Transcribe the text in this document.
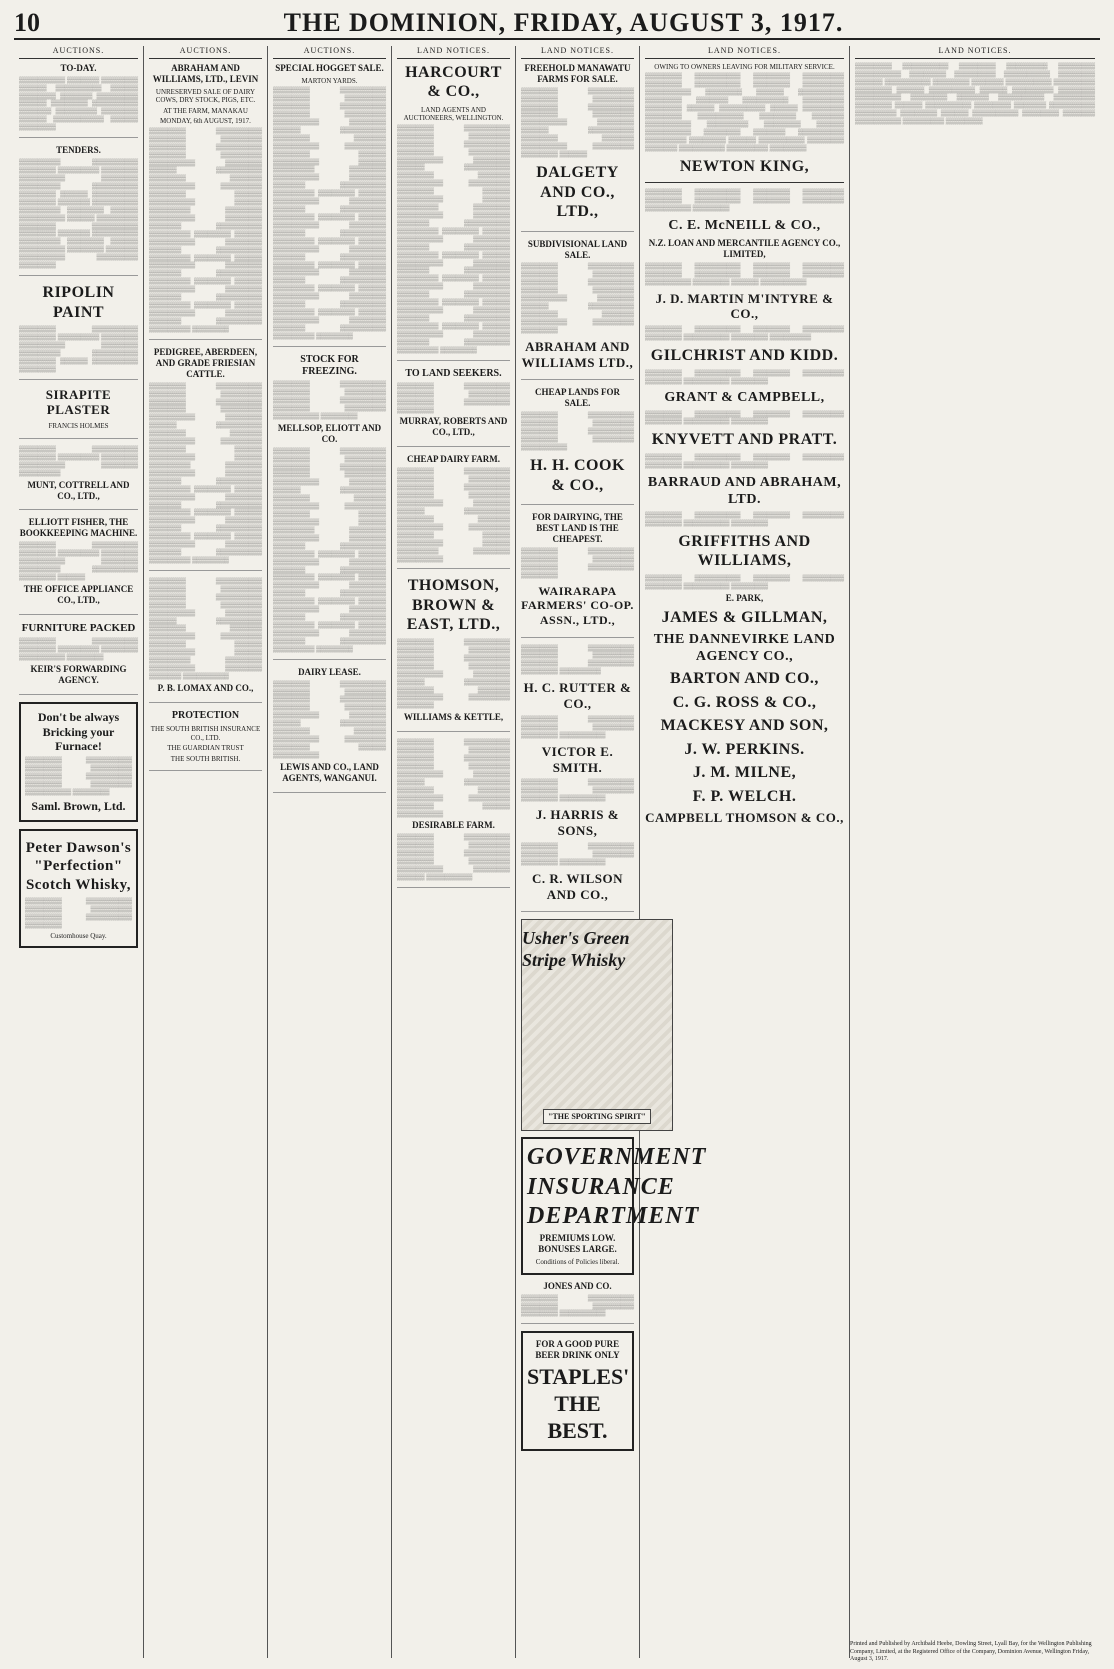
10	THE DOMINION, FRIDAY, AUGUST 3, 1917.
AUCTIONS.
TO-DAY.
▒▒▒▒▒▒▒▒▒▒ ▒▒▒▒▒▒▒ ▒▒▒▒▒▒▒▒ ▒▒▒▒▒▒ ▒▒▒▒▒▒▒▒▒▒ ▒▒▒▒▒▒ ▒▒▒▒▒▒▒▒ ▒▒▒▒▒▒▒ ▒▒▒▒▒▒▒▒▒ ▒▒▒▒▒▒ ▒▒▒▒▒▒▒▒ ▒▒▒▒▒▒▒▒▒▒ ▒▒▒▒▒▒▒ ▒▒▒▒▒▒▒▒▒ ▒▒▒▒▒▒▒▒ ▒▒▒▒▒▒ ▒▒▒▒▒▒▒▒▒▒▒ ▒▒▒▒▒▒ ▒▒▒▒▒▒▒▒
TENDERS.
▒▒▒▒▒▒▒▒▒ ▒▒▒▒▒▒▒▒▒▒ ▒▒▒▒▒▒▒▒ ▒▒▒▒▒▒▒▒▒ ▒▒▒▒▒▒▒▒ ▒▒▒▒▒▒▒▒▒▒ ▒▒▒▒▒▒▒▒ ▒▒▒▒▒▒▒▒▒ ▒▒▒▒▒▒▒▒▒▒ ▒▒▒▒▒▒▒▒ ▒▒▒▒▒▒ ▒▒▒▒▒▒▒▒▒▒ ▒▒▒▒▒▒▒▒ ▒▒▒▒▒▒▒ ▒▒▒▒▒▒▒▒▒▒ ▒▒▒▒▒▒▒▒▒ ▒▒▒▒▒▒▒▒ ▒▒▒▒▒▒ ▒▒▒▒▒▒▒▒▒▒ ▒▒▒▒▒▒ ▒▒▒▒▒▒▒▒▒ ▒▒▒▒▒▒▒▒ ▒▒▒▒▒▒▒▒▒▒ ▒▒▒▒▒▒▒▒ ▒▒▒▒▒▒▒ ▒▒▒▒▒▒▒▒▒▒ ▒▒▒▒▒▒▒▒▒ ▒▒▒▒▒▒▒▒ ▒▒▒▒▒▒ ▒▒▒▒▒▒▒▒▒▒ ▒▒▒▒▒▒▒▒ ▒▒▒▒▒▒▒ ▒▒▒▒▒▒▒▒▒▒ ▒▒▒▒▒▒▒▒▒ ▒▒▒▒▒▒▒▒
RIPOLIN PAINT
▒▒▒▒▒▒▒▒ ▒▒▒▒▒▒▒▒▒▒ ▒▒▒▒▒▒▒▒ ▒▒▒▒▒▒▒▒▒ ▒▒▒▒▒▒▒▒ ▒▒▒▒▒▒▒▒▒▒ ▒▒▒▒▒▒▒▒ ▒▒▒▒▒▒▒▒▒ ▒▒▒▒▒▒▒▒▒▒ ▒▒▒▒▒▒▒▒ ▒▒▒▒▒▒ ▒▒▒▒▒▒▒▒▒▒ ▒▒▒▒▒▒▒▒
SIRAPITE PLASTER
FRANCIS HOLMES
▒▒▒▒▒▒▒▒ ▒▒▒▒▒▒▒▒▒▒ ▒▒▒▒▒▒▒▒ ▒▒▒▒▒▒▒▒▒ ▒▒▒▒▒▒▒▒ ▒▒▒▒▒▒▒▒▒▒ ▒▒▒▒▒▒▒▒ ▒▒▒▒▒▒▒▒▒
MUNT, COTTRELL AND CO., LTD.,
ELLIOTT FISHER, THE BOOKKEEPING MACHINE.
▒▒▒▒▒▒▒▒ ▒▒▒▒▒▒▒▒▒▒ ▒▒▒▒▒▒▒▒ ▒▒▒▒▒▒▒▒▒ ▒▒▒▒▒▒▒▒ ▒▒▒▒▒▒▒▒▒▒ ▒▒▒▒▒▒▒▒ ▒▒▒▒▒▒▒▒▒ ▒▒▒▒▒▒▒▒▒▒ ▒▒▒▒▒▒▒▒ ▒▒▒▒▒▒
THE OFFICE APPLIANCE CO., LTD.,
FURNITURE PACKED
▒▒▒▒▒▒▒▒ ▒▒▒▒▒▒▒▒▒▒ ▒▒▒▒▒▒▒▒ ▒▒▒▒▒▒▒▒▒ ▒▒▒▒▒▒▒▒ ▒▒▒▒▒▒▒▒▒▒ ▒▒▒▒▒▒▒▒
KEIR'S FORWARDING AGENCY.
Don't be always Bricking your Furnace!
▒▒▒▒▒▒▒▒ ▒▒▒▒▒▒▒▒▒▒ ▒▒▒▒▒▒▒▒ ▒▒▒▒▒▒▒▒▒ ▒▒▒▒▒▒▒▒ ▒▒▒▒▒▒▒▒▒▒ ▒▒▒▒▒▒▒▒ ▒▒▒▒▒▒▒▒▒ ▒▒▒▒▒▒▒▒▒▒ ▒▒▒▒▒▒▒▒
Saml. Brown, Ltd.
Peter Dawson's "Perfection" Scotch Whisky,
▒▒▒▒▒▒▒▒ ▒▒▒▒▒▒▒▒▒▒ ▒▒▒▒▒▒▒▒ ▒▒▒▒▒▒▒▒▒ ▒▒▒▒▒▒▒▒ ▒▒▒▒▒▒▒▒▒▒ ▒▒▒▒▒▒▒▒
Customhouse Quay.
AUCTIONS.
ABRAHAM AND WILLIAMS, LTD., LEVIN
UNRESERVED SALE OF DAIRY COWS, DRY STOCK, PIGS, ETC.
AT THE FARM, MANAKAU
MONDAY, 6th AUGUST, 1917.
▒▒▒▒▒▒▒▒ ▒▒▒▒▒▒▒▒▒▒ ▒▒▒▒▒▒▒▒ ▒▒▒▒▒▒▒▒▒ ▒▒▒▒▒▒▒▒ ▒▒▒▒▒▒▒▒▒▒ ▒▒▒▒▒▒▒▒ ▒▒▒▒▒▒▒▒▒ ▒▒▒▒▒▒▒▒▒▒ ▒▒▒▒▒▒▒▒ ▒▒▒▒▒▒ ▒▒▒▒▒▒▒▒▒▒ ▒▒▒▒▒▒▒▒ ▒▒▒▒▒▒▒ ▒▒▒▒▒▒▒▒▒▒ ▒▒▒▒▒▒▒▒▒ ▒▒▒▒▒▒▒▒ ▒▒▒▒▒▒ ▒▒▒▒▒▒▒▒▒▒ ▒▒▒▒▒▒ ▒▒▒▒▒▒▒▒▒ ▒▒▒▒▒▒▒▒ ▒▒▒▒▒▒▒▒▒▒ ▒▒▒▒▒▒▒▒ ▒▒▒▒▒▒▒ ▒▒▒▒▒▒▒▒▒▒ ▒▒▒▒▒▒▒▒▒ ▒▒▒▒▒▒▒▒ ▒▒▒▒▒▒ ▒▒▒▒▒▒▒▒▒▒ ▒▒▒▒▒▒▒▒ ▒▒▒▒▒▒▒ ▒▒▒▒▒▒▒▒▒▒ ▒▒▒▒▒▒▒▒▒ ▒▒▒▒▒▒▒▒ ▒▒▒▒▒▒ ▒▒▒▒▒▒▒▒▒▒ ▒▒▒▒▒▒▒▒ ▒▒▒▒▒▒▒ ▒▒▒▒▒▒▒▒▒▒ ▒▒▒▒▒▒▒▒▒ ▒▒▒▒▒▒▒▒ ▒▒▒▒▒▒ ▒▒▒▒▒▒▒▒▒▒ ▒▒▒▒▒▒▒▒ ▒▒▒▒▒▒▒ ▒▒▒▒▒▒▒▒▒▒ ▒▒▒▒▒▒▒▒▒ ▒▒▒▒▒▒▒▒ ▒▒▒▒▒▒ ▒▒▒▒▒▒▒▒▒▒ ▒▒▒▒▒▒▒▒ ▒▒▒▒▒▒▒ ▒▒▒▒▒▒▒▒▒▒ ▒▒▒▒▒▒▒▒▒ ▒▒▒▒▒▒▒▒
PEDIGREE, ABERDEEN, AND GRADE FRIESIAN CATTLE.
▒▒▒▒▒▒▒▒ ▒▒▒▒▒▒▒▒▒▒ ▒▒▒▒▒▒▒▒ ▒▒▒▒▒▒▒▒▒ ▒▒▒▒▒▒▒▒ ▒▒▒▒▒▒▒▒▒▒ ▒▒▒▒▒▒▒▒ ▒▒▒▒▒▒▒▒▒ ▒▒▒▒▒▒▒▒▒▒ ▒▒▒▒▒▒▒▒ ▒▒▒▒▒▒ ▒▒▒▒▒▒▒▒▒▒ ▒▒▒▒▒▒▒▒ ▒▒▒▒▒▒▒ ▒▒▒▒▒▒▒▒▒▒ ▒▒▒▒▒▒▒▒▒ ▒▒▒▒▒▒▒▒ ▒▒▒▒▒▒ ▒▒▒▒▒▒▒▒▒▒ ▒▒▒▒▒▒ ▒▒▒▒▒▒▒▒▒ ▒▒▒▒▒▒▒▒ ▒▒▒▒▒▒▒▒▒▒ ▒▒▒▒▒▒▒▒ ▒▒▒▒▒▒▒ ▒▒▒▒▒▒▒▒▒▒ ▒▒▒▒▒▒▒▒▒ ▒▒▒▒▒▒▒▒ ▒▒▒▒▒▒ ▒▒▒▒▒▒▒▒▒▒ ▒▒▒▒▒▒▒▒ ▒▒▒▒▒▒▒ ▒▒▒▒▒▒▒▒▒▒ ▒▒▒▒▒▒▒▒▒ ▒▒▒▒▒▒▒▒ ▒▒▒▒▒▒ ▒▒▒▒▒▒▒▒▒▒ ▒▒▒▒▒▒▒▒ ▒▒▒▒▒▒▒ ▒▒▒▒▒▒▒▒▒▒ ▒▒▒▒▒▒▒▒▒ ▒▒▒▒▒▒▒▒ ▒▒▒▒▒▒ ▒▒▒▒▒▒▒▒▒▒ ▒▒▒▒▒▒▒▒ ▒▒▒▒▒▒▒ ▒▒▒▒▒▒▒▒▒▒ ▒▒▒▒▒▒▒▒▒ ▒▒▒▒▒▒▒▒
▒▒▒▒▒▒▒▒ ▒▒▒▒▒▒▒▒▒▒ ▒▒▒▒▒▒▒▒ ▒▒▒▒▒▒▒▒▒ ▒▒▒▒▒▒▒▒ ▒▒▒▒▒▒▒▒▒▒ ▒▒▒▒▒▒▒▒ ▒▒▒▒▒▒▒▒▒ ▒▒▒▒▒▒▒▒▒▒ ▒▒▒▒▒▒▒▒ ▒▒▒▒▒▒ ▒▒▒▒▒▒▒▒▒▒ ▒▒▒▒▒▒▒▒ ▒▒▒▒▒▒▒ ▒▒▒▒▒▒▒▒▒▒ ▒▒▒▒▒▒▒▒▒ ▒▒▒▒▒▒▒▒ ▒▒▒▒▒▒ ▒▒▒▒▒▒▒▒▒▒ ▒▒▒▒▒▒ ▒▒▒▒▒▒▒▒▒ ▒▒▒▒▒▒▒▒ ▒▒▒▒▒▒▒▒▒▒ ▒▒▒▒▒▒▒▒ ▒▒▒▒▒▒▒ ▒▒▒▒▒▒▒▒▒▒
P. B. LOMAX AND CO.,
PROTECTION
THE SOUTH BRITISH INSURANCE CO., LTD.
THE GUARDIAN TRUST
THE SOUTH BRITISH.
AUCTIONS.
SPECIAL HOGGET SALE.
MARTON YARDS.
▒▒▒▒▒▒▒▒ ▒▒▒▒▒▒▒▒▒▒ ▒▒▒▒▒▒▒▒ ▒▒▒▒▒▒▒▒▒ ▒▒▒▒▒▒▒▒ ▒▒▒▒▒▒▒▒▒▒ ▒▒▒▒▒▒▒▒ ▒▒▒▒▒▒▒▒▒ ▒▒▒▒▒▒▒▒▒▒ ▒▒▒▒▒▒▒▒ ▒▒▒▒▒▒ ▒▒▒▒▒▒▒▒▒▒ ▒▒▒▒▒▒▒▒ ▒▒▒▒▒▒▒ ▒▒▒▒▒▒▒▒▒▒ ▒▒▒▒▒▒▒▒▒ ▒▒▒▒▒▒▒▒ ▒▒▒▒▒▒ ▒▒▒▒▒▒▒▒▒▒ ▒▒▒▒▒▒ ▒▒▒▒▒▒▒▒▒ ▒▒▒▒▒▒▒▒ ▒▒▒▒▒▒▒▒▒▒ ▒▒▒▒▒▒▒▒ ▒▒▒▒▒▒▒ ▒▒▒▒▒▒▒▒▒▒ ▒▒▒▒▒▒▒▒▒ ▒▒▒▒▒▒▒▒ ▒▒▒▒▒▒ ▒▒▒▒▒▒▒▒▒▒ ▒▒▒▒▒▒▒▒ ▒▒▒▒▒▒▒ ▒▒▒▒▒▒▒▒▒▒ ▒▒▒▒▒▒▒▒▒ ▒▒▒▒▒▒▒▒ ▒▒▒▒▒▒ ▒▒▒▒▒▒▒▒▒▒ ▒▒▒▒▒▒▒▒ ▒▒▒▒▒▒▒ ▒▒▒▒▒▒▒▒▒▒ ▒▒▒▒▒▒▒▒▒ ▒▒▒▒▒▒▒▒ ▒▒▒▒▒▒ ▒▒▒▒▒▒▒▒▒▒ ▒▒▒▒▒▒▒▒ ▒▒▒▒▒▒▒ ▒▒▒▒▒▒▒▒▒▒ ▒▒▒▒▒▒▒▒▒ ▒▒▒▒▒▒▒▒ ▒▒▒▒▒▒ ▒▒▒▒▒▒▒▒▒▒ ▒▒▒▒▒▒▒▒ ▒▒▒▒▒▒▒ ▒▒▒▒▒▒▒▒▒▒ ▒▒▒▒▒▒▒▒▒ ▒▒▒▒▒▒▒▒ ▒▒▒▒▒▒ ▒▒▒▒▒▒▒▒▒▒ ▒▒▒▒▒▒▒▒ ▒▒▒▒▒▒▒ ▒▒▒▒▒▒▒▒▒▒ ▒▒▒▒▒▒▒▒▒ ▒▒▒▒▒▒▒▒ ▒▒▒▒▒▒ ▒▒▒▒▒▒▒▒▒▒ ▒▒▒▒▒▒▒▒ ▒▒▒▒▒▒▒ ▒▒▒▒▒▒▒▒▒▒ ▒▒▒▒▒▒▒▒▒ ▒▒▒▒▒▒▒▒
STOCK FOR FREEZING.
▒▒▒▒▒▒▒▒ ▒▒▒▒▒▒▒▒▒▒ ▒▒▒▒▒▒▒▒ ▒▒▒▒▒▒▒▒▒ ▒▒▒▒▒▒▒▒ ▒▒▒▒▒▒▒▒▒▒ ▒▒▒▒▒▒▒▒ ▒▒▒▒▒▒▒▒▒ ▒▒▒▒▒▒▒▒▒▒ ▒▒▒▒▒▒▒▒
MELLSOP, ELIOTT AND CO.
▒▒▒▒▒▒▒▒ ▒▒▒▒▒▒▒▒▒▒ ▒▒▒▒▒▒▒▒ ▒▒▒▒▒▒▒▒▒ ▒▒▒▒▒▒▒▒ ▒▒▒▒▒▒▒▒▒▒ ▒▒▒▒▒▒▒▒ ▒▒▒▒▒▒▒▒▒ ▒▒▒▒▒▒▒▒▒▒ ▒▒▒▒▒▒▒▒ ▒▒▒▒▒▒ ▒▒▒▒▒▒▒▒▒▒ ▒▒▒▒▒▒▒▒ ▒▒▒▒▒▒▒ ▒▒▒▒▒▒▒▒▒▒ ▒▒▒▒▒▒▒▒▒ ▒▒▒▒▒▒▒▒ ▒▒▒▒▒▒ ▒▒▒▒▒▒▒▒▒▒ ▒▒▒▒▒▒ ▒▒▒▒▒▒▒▒▒ ▒▒▒▒▒▒▒▒ ▒▒▒▒▒▒▒▒▒▒ ▒▒▒▒▒▒▒▒ ▒▒▒▒▒▒▒ ▒▒▒▒▒▒▒▒▒▒ ▒▒▒▒▒▒▒▒▒ ▒▒▒▒▒▒▒▒ ▒▒▒▒▒▒ ▒▒▒▒▒▒▒▒▒▒ ▒▒▒▒▒▒▒▒ ▒▒▒▒▒▒▒ ▒▒▒▒▒▒▒▒▒▒ ▒▒▒▒▒▒▒▒▒ ▒▒▒▒▒▒▒▒ ▒▒▒▒▒▒ ▒▒▒▒▒▒▒▒▒▒ ▒▒▒▒▒▒▒▒ ▒▒▒▒▒▒▒ ▒▒▒▒▒▒▒▒▒▒ ▒▒▒▒▒▒▒▒▒ ▒▒▒▒▒▒▒▒ ▒▒▒▒▒▒ ▒▒▒▒▒▒▒▒▒▒ ▒▒▒▒▒▒▒▒ ▒▒▒▒▒▒▒ ▒▒▒▒▒▒▒▒▒▒ ▒▒▒▒▒▒▒▒▒ ▒▒▒▒▒▒▒▒ ▒▒▒▒▒▒ ▒▒▒▒▒▒▒▒▒▒ ▒▒▒▒▒▒▒▒ ▒▒▒▒▒▒▒ ▒▒▒▒▒▒▒▒▒▒ ▒▒▒▒▒▒▒▒▒ ▒▒▒▒▒▒▒▒
DAIRY LEASE.
▒▒▒▒▒▒▒▒ ▒▒▒▒▒▒▒▒▒▒ ▒▒▒▒▒▒▒▒ ▒▒▒▒▒▒▒▒▒ ▒▒▒▒▒▒▒▒ ▒▒▒▒▒▒▒▒▒▒ ▒▒▒▒▒▒▒▒ ▒▒▒▒▒▒▒▒▒ ▒▒▒▒▒▒▒▒▒▒ ▒▒▒▒▒▒▒▒ ▒▒▒▒▒▒ ▒▒▒▒▒▒▒▒▒▒ ▒▒▒▒▒▒▒▒ ▒▒▒▒▒▒▒ ▒▒▒▒▒▒▒▒▒▒ ▒▒▒▒▒▒▒▒▒ ▒▒▒▒▒▒▒▒ ▒▒▒▒▒▒ ▒▒▒▒▒▒▒▒▒▒
LEWIS AND CO., LAND AGENTS, WANGANUI.
LAND NOTICES.
HARCOURT & CO.,
LAND AGENTS AND AUCTIONEERS, WELLINGTON.
▒▒▒▒▒▒▒▒ ▒▒▒▒▒▒▒▒▒▒ ▒▒▒▒▒▒▒▒ ▒▒▒▒▒▒▒▒▒ ▒▒▒▒▒▒▒▒ ▒▒▒▒▒▒▒▒▒▒ ▒▒▒▒▒▒▒▒ ▒▒▒▒▒▒▒▒▒ ▒▒▒▒▒▒▒▒▒▒ ▒▒▒▒▒▒▒▒ ▒▒▒▒▒▒ ▒▒▒▒▒▒▒▒▒▒ ▒▒▒▒▒▒▒▒ ▒▒▒▒▒▒▒ ▒▒▒▒▒▒▒▒▒▒ ▒▒▒▒▒▒▒▒▒ ▒▒▒▒▒▒▒▒ ▒▒▒▒▒▒ ▒▒▒▒▒▒▒▒▒▒ ▒▒▒▒▒▒ ▒▒▒▒▒▒▒▒▒ ▒▒▒▒▒▒▒▒ ▒▒▒▒▒▒▒▒▒▒ ▒▒▒▒▒▒▒▒ ▒▒▒▒▒▒▒ ▒▒▒▒▒▒▒▒▒▒ ▒▒▒▒▒▒▒▒▒ ▒▒▒▒▒▒▒▒ ▒▒▒▒▒▒ ▒▒▒▒▒▒▒▒▒▒ ▒▒▒▒▒▒▒▒ ▒▒▒▒▒▒▒ ▒▒▒▒▒▒▒▒▒▒ ▒▒▒▒▒▒▒▒▒ ▒▒▒▒▒▒▒▒ ▒▒▒▒▒▒ ▒▒▒▒▒▒▒▒▒▒ ▒▒▒▒▒▒▒▒ ▒▒▒▒▒▒▒ ▒▒▒▒▒▒▒▒▒▒ ▒▒▒▒▒▒▒▒▒ ▒▒▒▒▒▒▒▒ ▒▒▒▒▒▒ ▒▒▒▒▒▒▒▒▒▒ ▒▒▒▒▒▒▒▒ ▒▒▒▒▒▒▒ ▒▒▒▒▒▒▒▒▒▒ ▒▒▒▒▒▒▒▒▒ ▒▒▒▒▒▒▒▒ ▒▒▒▒▒▒ ▒▒▒▒▒▒▒▒▒▒ ▒▒▒▒▒▒▒▒ ▒▒▒▒▒▒▒ ▒▒▒▒▒▒▒▒▒▒ ▒▒▒▒▒▒▒▒▒ ▒▒▒▒▒▒▒▒ ▒▒▒▒▒▒ ▒▒▒▒▒▒▒▒▒▒ ▒▒▒▒▒▒▒▒ ▒▒▒▒▒▒▒ ▒▒▒▒▒▒▒▒▒▒ ▒▒▒▒▒▒▒▒▒ ▒▒▒▒▒▒▒▒
TO LAND SEEKERS.
▒▒▒▒▒▒▒▒ ▒▒▒▒▒▒▒▒▒▒ ▒▒▒▒▒▒▒▒ ▒▒▒▒▒▒▒▒▒ ▒▒▒▒▒▒▒▒ ▒▒▒▒▒▒▒▒▒▒ ▒▒▒▒▒▒▒▒
MURRAY, ROBERTS AND CO., LTD.,
CHEAP DAIRY FARM.
▒▒▒▒▒▒▒▒ ▒▒▒▒▒▒▒▒▒▒ ▒▒▒▒▒▒▒▒ ▒▒▒▒▒▒▒▒▒ ▒▒▒▒▒▒▒▒ ▒▒▒▒▒▒▒▒▒▒ ▒▒▒▒▒▒▒▒ ▒▒▒▒▒▒▒▒▒ ▒▒▒▒▒▒▒▒▒▒ ▒▒▒▒▒▒▒▒ ▒▒▒▒▒▒ ▒▒▒▒▒▒▒▒▒▒ ▒▒▒▒▒▒▒▒ ▒▒▒▒▒▒▒ ▒▒▒▒▒▒▒▒▒▒ ▒▒▒▒▒▒▒▒▒ ▒▒▒▒▒▒▒▒ ▒▒▒▒▒▒ ▒▒▒▒▒▒▒▒▒▒ ▒▒▒▒▒▒ ▒▒▒▒▒▒▒▒▒ ▒▒▒▒▒▒▒▒ ▒▒▒▒▒▒▒▒▒▒
THOMSON, BROWN & EAST, LTD.,
▒▒▒▒▒▒▒▒ ▒▒▒▒▒▒▒▒▒▒ ▒▒▒▒▒▒▒▒ ▒▒▒▒▒▒▒▒▒ ▒▒▒▒▒▒▒▒ ▒▒▒▒▒▒▒▒▒▒ ▒▒▒▒▒▒▒▒ ▒▒▒▒▒▒▒▒▒ ▒▒▒▒▒▒▒▒▒▒ ▒▒▒▒▒▒▒▒ ▒▒▒▒▒▒ ▒▒▒▒▒▒▒▒▒▒ ▒▒▒▒▒▒▒▒ ▒▒▒▒▒▒▒ ▒▒▒▒▒▒▒▒▒▒ ▒▒▒▒▒▒▒▒▒ ▒▒▒▒▒▒▒▒
WILLIAMS & KETTLE,
▒▒▒▒▒▒▒▒ ▒▒▒▒▒▒▒▒▒▒ ▒▒▒▒▒▒▒▒ ▒▒▒▒▒▒▒▒▒ ▒▒▒▒▒▒▒▒ ▒▒▒▒▒▒▒▒▒▒ ▒▒▒▒▒▒▒▒ ▒▒▒▒▒▒▒▒▒ ▒▒▒▒▒▒▒▒▒▒ ▒▒▒▒▒▒▒▒ ▒▒▒▒▒▒ ▒▒▒▒▒▒▒▒▒▒ ▒▒▒▒▒▒▒▒ ▒▒▒▒▒▒▒ ▒▒▒▒▒▒▒▒▒▒ ▒▒▒▒▒▒▒▒▒ ▒▒▒▒▒▒▒▒ ▒▒▒▒▒▒ ▒▒▒▒▒▒▒▒▒▒
DESIRABLE FARM.
▒▒▒▒▒▒▒▒ ▒▒▒▒▒▒▒▒▒▒ ▒▒▒▒▒▒▒▒ ▒▒▒▒▒▒▒▒▒ ▒▒▒▒▒▒▒▒ ▒▒▒▒▒▒▒▒▒▒ ▒▒▒▒▒▒▒▒ ▒▒▒▒▒▒▒▒▒ ▒▒▒▒▒▒▒▒▒▒ ▒▒▒▒▒▒▒▒ ▒▒▒▒▒▒ ▒▒▒▒▒▒▒▒▒▒
LAND NOTICES.
FREEHOLD MANAWATU FARMS FOR SALE.
▒▒▒▒▒▒▒▒ ▒▒▒▒▒▒▒▒▒▒ ▒▒▒▒▒▒▒▒ ▒▒▒▒▒▒▒▒▒ ▒▒▒▒▒▒▒▒ ▒▒▒▒▒▒▒▒▒▒ ▒▒▒▒▒▒▒▒ ▒▒▒▒▒▒▒▒▒ ▒▒▒▒▒▒▒▒▒▒ ▒▒▒▒▒▒▒▒ ▒▒▒▒▒▒ ▒▒▒▒▒▒▒▒▒▒ ▒▒▒▒▒▒▒▒ ▒▒▒▒▒▒▒ ▒▒▒▒▒▒▒▒▒▒ ▒▒▒▒▒▒▒▒▒ ▒▒▒▒▒▒▒▒ ▒▒▒▒▒▒
DALGETY AND CO., LTD.,
SUBDIVISIONAL LAND SALE.
▒▒▒▒▒▒▒▒ ▒▒▒▒▒▒▒▒▒▒ ▒▒▒▒▒▒▒▒ ▒▒▒▒▒▒▒▒▒ ▒▒▒▒▒▒▒▒ ▒▒▒▒▒▒▒▒▒▒ ▒▒▒▒▒▒▒▒ ▒▒▒▒▒▒▒▒▒ ▒▒▒▒▒▒▒▒▒▒ ▒▒▒▒▒▒▒▒ ▒▒▒▒▒▒ ▒▒▒▒▒▒▒▒▒▒ ▒▒▒▒▒▒▒▒ ▒▒▒▒▒▒▒ ▒▒▒▒▒▒▒▒▒▒ ▒▒▒▒▒▒▒▒▒ ▒▒▒▒▒▒▒▒
ABRAHAM AND WILLIAMS LTD.,
CHEAP LANDS FOR SALE.
▒▒▒▒▒▒▒▒ ▒▒▒▒▒▒▒▒▒▒ ▒▒▒▒▒▒▒▒ ▒▒▒▒▒▒▒▒▒ ▒▒▒▒▒▒▒▒ ▒▒▒▒▒▒▒▒▒▒ ▒▒▒▒▒▒▒▒ ▒▒▒▒▒▒▒▒▒ ▒▒▒▒▒▒▒▒▒▒
H. H. COOK & CO.,
FOR DAIRYING, THE BEST LAND IS THE CHEAPEST.
▒▒▒▒▒▒▒▒ ▒▒▒▒▒▒▒▒▒▒ ▒▒▒▒▒▒▒▒ ▒▒▒▒▒▒▒▒▒ ▒▒▒▒▒▒▒▒ ▒▒▒▒▒▒▒▒▒▒ ▒▒▒▒▒▒▒▒
WAIRARAPA FARMERS' CO-OP. ASSN., LTD.,
▒▒▒▒▒▒▒▒ ▒▒▒▒▒▒▒▒▒▒ ▒▒▒▒▒▒▒▒ ▒▒▒▒▒▒▒▒▒ ▒▒▒▒▒▒▒▒ ▒▒▒▒▒▒▒▒▒▒ ▒▒▒▒▒▒▒▒ ▒▒▒▒▒▒▒▒▒
H. C. RUTTER & CO.,
▒▒▒▒▒▒▒▒ ▒▒▒▒▒▒▒▒▒▒ ▒▒▒▒▒▒▒▒ ▒▒▒▒▒▒▒▒▒ ▒▒▒▒▒▒▒▒ ▒▒▒▒▒▒▒▒▒▒
VICTOR E. SMITH.
▒▒▒▒▒▒▒▒ ▒▒▒▒▒▒▒▒▒▒ ▒▒▒▒▒▒▒▒ ▒▒▒▒▒▒▒▒▒ ▒▒▒▒▒▒▒▒ ▒▒▒▒▒▒▒▒▒▒
J. HARRIS & SONS,
▒▒▒▒▒▒▒▒ ▒▒▒▒▒▒▒▒▒▒ ▒▒▒▒▒▒▒▒ ▒▒▒▒▒▒▒▒▒ ▒▒▒▒▒▒▒▒ ▒▒▒▒▒▒▒▒▒▒
C. R. WILSON AND CO.,
Usher's Green Stripe Whisky
"THE SPORTING SPIRIT"
GOVERNMENT INSURANCE DEPARTMENT
PREMIUMS LOW. BONUSES LARGE.
Conditions of Policies liberal.
JONES AND CO.
▒▒▒▒▒▒▒▒ ▒▒▒▒▒▒▒▒▒▒ ▒▒▒▒▒▒▒▒ ▒▒▒▒▒▒▒▒▒ ▒▒▒▒▒▒▒▒ ▒▒▒▒▒▒▒▒▒▒
FOR A GOOD PURE BEER DRINK ONLY
STAPLES'
THE BEST.
LAND NOTICES.
OWING TO OWNERS LEAVING FOR MILITARY SERVICE.
▒▒▒▒▒▒▒▒ ▒▒▒▒▒▒▒▒▒▒ ▒▒▒▒▒▒▒▒ ▒▒▒▒▒▒▒▒▒ ▒▒▒▒▒▒▒▒ ▒▒▒▒▒▒▒▒▒▒ ▒▒▒▒▒▒▒▒ ▒▒▒▒▒▒▒▒▒ ▒▒▒▒▒▒▒▒▒▒ ▒▒▒▒▒▒▒▒ ▒▒▒▒▒▒ ▒▒▒▒▒▒▒▒▒▒ ▒▒▒▒▒▒▒▒ ▒▒▒▒▒▒▒ ▒▒▒▒▒▒▒▒▒▒ ▒▒▒▒▒▒▒▒▒ ▒▒▒▒▒▒▒▒ ▒▒▒▒▒▒ ▒▒▒▒▒▒▒▒▒▒ ▒▒▒▒▒▒ ▒▒▒▒▒▒▒▒▒ ▒▒▒▒▒▒▒▒ ▒▒▒▒▒▒▒▒▒▒ ▒▒▒▒▒▒▒▒ ▒▒▒▒▒▒▒ ▒▒▒▒▒▒▒▒▒▒ ▒▒▒▒▒▒▒▒▒ ▒▒▒▒▒▒▒▒ ▒▒▒▒▒▒ ▒▒▒▒▒▒▒▒▒▒ ▒▒▒▒▒▒▒▒ ▒▒▒▒▒▒▒ ▒▒▒▒▒▒▒▒▒▒ ▒▒▒▒▒▒▒▒▒ ▒▒▒▒▒▒▒▒ ▒▒▒▒▒▒ ▒▒▒▒▒▒▒▒▒▒ ▒▒▒▒▒▒▒▒ ▒▒▒▒▒▒▒ ▒▒▒▒▒▒▒▒▒▒ ▒▒▒▒▒▒▒▒▒ ▒▒▒▒▒▒▒▒
NEWTON KING,
▒▒▒▒▒▒▒▒ ▒▒▒▒▒▒▒▒▒▒ ▒▒▒▒▒▒▒▒ ▒▒▒▒▒▒▒▒▒ ▒▒▒▒▒▒▒▒ ▒▒▒▒▒▒▒▒▒▒ ▒▒▒▒▒▒▒▒ ▒▒▒▒▒▒▒▒▒ ▒▒▒▒▒▒▒▒▒▒ ▒▒▒▒▒▒▒▒
C. E. McNEILL & CO.,
N.Z. LOAN AND MERCANTILE AGENCY CO., LIMITED,
▒▒▒▒▒▒▒▒ ▒▒▒▒▒▒▒▒▒▒ ▒▒▒▒▒▒▒▒ ▒▒▒▒▒▒▒▒▒ ▒▒▒▒▒▒▒▒ ▒▒▒▒▒▒▒▒▒▒ ▒▒▒▒▒▒▒▒ ▒▒▒▒▒▒▒▒▒ ▒▒▒▒▒▒▒▒▒▒ ▒▒▒▒▒▒▒▒ ▒▒▒▒▒▒ ▒▒▒▒▒▒▒▒▒▒
J. D. MARTIN M'INTYRE & CO.,
▒▒▒▒▒▒▒▒ ▒▒▒▒▒▒▒▒▒▒ ▒▒▒▒▒▒▒▒ ▒▒▒▒▒▒▒▒▒ ▒▒▒▒▒▒▒▒ ▒▒▒▒▒▒▒▒▒▒ ▒▒▒▒▒▒▒▒ ▒▒▒▒▒▒▒▒▒
GILCHRIST AND KIDD.
▒▒▒▒▒▒▒▒ ▒▒▒▒▒▒▒▒▒▒ ▒▒▒▒▒▒▒▒ ▒▒▒▒▒▒▒▒▒ ▒▒▒▒▒▒▒▒ ▒▒▒▒▒▒▒▒▒▒ ▒▒▒▒▒▒▒▒
GRANT & CAMPBELL,
▒▒▒▒▒▒▒▒ ▒▒▒▒▒▒▒▒▒▒ ▒▒▒▒▒▒▒▒ ▒▒▒▒▒▒▒▒▒ ▒▒▒▒▒▒▒▒ ▒▒▒▒▒▒▒▒▒▒ ▒▒▒▒▒▒▒▒
KNYVETT AND PRATT.
▒▒▒▒▒▒▒▒ ▒▒▒▒▒▒▒▒▒▒ ▒▒▒▒▒▒▒▒ ▒▒▒▒▒▒▒▒▒ ▒▒▒▒▒▒▒▒ ▒▒▒▒▒▒▒▒▒▒ ▒▒▒▒▒▒▒▒
BARRAUD AND ABRAHAM, LTD.
▒▒▒▒▒▒▒▒ ▒▒▒▒▒▒▒▒▒▒ ▒▒▒▒▒▒▒▒ ▒▒▒▒▒▒▒▒▒ ▒▒▒▒▒▒▒▒ ▒▒▒▒▒▒▒▒▒▒ ▒▒▒▒▒▒▒▒
GRIFFITHS AND WILLIAMS,
▒▒▒▒▒▒▒▒ ▒▒▒▒▒▒▒▒▒▒ ▒▒▒▒▒▒▒▒ ▒▒▒▒▒▒▒▒▒ ▒▒▒▒▒▒▒▒ ▒▒▒▒▒▒▒▒▒▒ ▒▒▒▒▒▒▒▒
E. PARK,
JAMES & GILLMAN,
THE DANNEVIRKE LAND AGENCY CO.,
BARTON AND CO.,
C. G. ROSS & CO.,
MACKESY AND SON,
J. W. PERKINS.
J. M. MILNE,
F. P. WELCH.
CAMPBELL THOMSON & CO.,
LAND NOTICES.
▒▒▒▒▒▒▒▒ ▒▒▒▒▒▒▒▒▒▒ ▒▒▒▒▒▒▒▒ ▒▒▒▒▒▒▒▒▒ ▒▒▒▒▒▒▒▒ ▒▒▒▒▒▒▒▒▒▒ ▒▒▒▒▒▒▒▒ ▒▒▒▒▒▒▒▒▒ ▒▒▒▒▒▒▒▒▒▒ ▒▒▒▒▒▒▒▒ ▒▒▒▒▒▒ ▒▒▒▒▒▒▒▒▒▒ ▒▒▒▒▒▒▒▒ ▒▒▒▒▒▒▒ ▒▒▒▒▒▒▒▒▒▒ ▒▒▒▒▒▒▒▒▒ ▒▒▒▒▒▒▒▒ ▒▒▒▒▒▒ ▒▒▒▒▒▒▒▒▒▒ ▒▒▒▒▒▒ ▒▒▒▒▒▒▒▒▒ ▒▒▒▒▒▒▒▒ ▒▒▒▒▒▒▒▒▒▒ ▒▒▒▒▒▒▒▒ ▒▒▒▒▒▒▒ ▒▒▒▒▒▒▒▒▒▒ ▒▒▒▒▒▒▒▒▒ ▒▒▒▒▒▒▒▒ ▒▒▒▒▒▒ ▒▒▒▒▒▒▒▒▒▒ ▒▒▒▒▒▒▒▒ ▒▒▒▒▒▒▒ ▒▒▒▒▒▒▒▒▒▒ ▒▒▒▒▒▒▒▒▒ ▒▒▒▒▒▒▒▒ ▒▒▒▒▒▒ ▒▒▒▒▒▒▒▒▒▒ ▒▒▒▒▒▒▒▒ ▒▒▒▒▒▒▒ ▒▒▒▒▒▒▒▒▒▒ ▒▒▒▒▒▒▒▒▒ ▒▒▒▒▒▒▒▒
Printed and Published by Archibald Heebe, Dowling Street, Lyall Bay, for the Wellington Publishing Company, Limited, at the Registered Office of the Company, Dominion Avenue, Wellington Friday, August 3, 1917.
